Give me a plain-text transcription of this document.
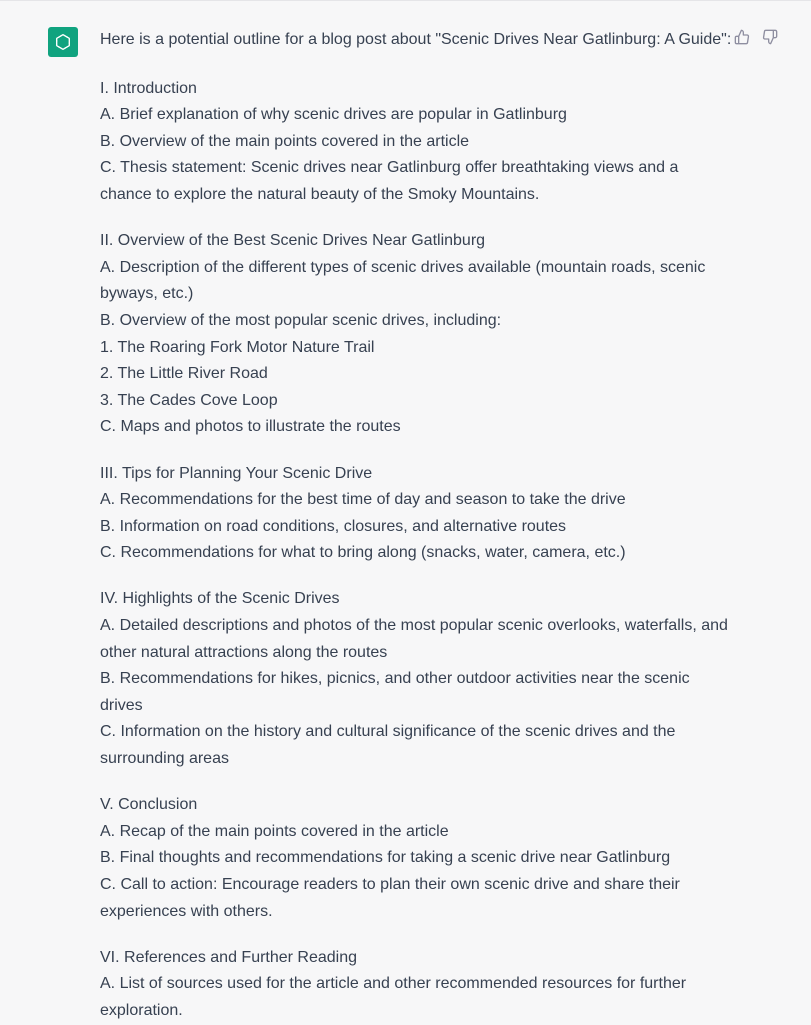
Here is a potential outline for a blog post about "Scenic Drives Near Gatlinburg: A Guide":
I. Introduction
A. Brief explanation of why scenic drives are popular in Gatlinburg
B. Overview of the main points covered in the article
C. Thesis statement: Scenic drives near Gatlinburg offer breathtaking views and a chance to explore the natural beauty of the Smoky Mountains.
II. Overview of the Best Scenic Drives Near Gatlinburg
A. Description of the different types of scenic drives available (mountain roads, scenic byways, etc.)
B. Overview of the most popular scenic drives, including:
1. The Roaring Fork Motor Nature Trail
2. The Little River Road
3. The Cades Cove Loop
C. Maps and photos to illustrate the routes
III. Tips for Planning Your Scenic Drive
A. Recommendations for the best time of day and season to take the drive
B. Information on road conditions, closures, and alternative routes
C. Recommendations for what to bring along (snacks, water, camera, etc.)
IV. Highlights of the Scenic Drives
A. Detailed descriptions and photos of the most popular scenic overlooks, waterfalls, and other natural attractions along the routes
B. Recommendations for hikes, picnics, and other outdoor activities near the scenic drives
C. Information on the history and cultural significance of the scenic drives and the surrounding areas
V. Conclusion
A. Recap of the main points covered in the article
B. Final thoughts and recommendations for taking a scenic drive near Gatlinburg
C. Call to action: Encourage readers to plan their own scenic drive and share their experiences with others.
VI. References and Further Reading
A. List of sources used for the article and other recommended resources for further exploration.
